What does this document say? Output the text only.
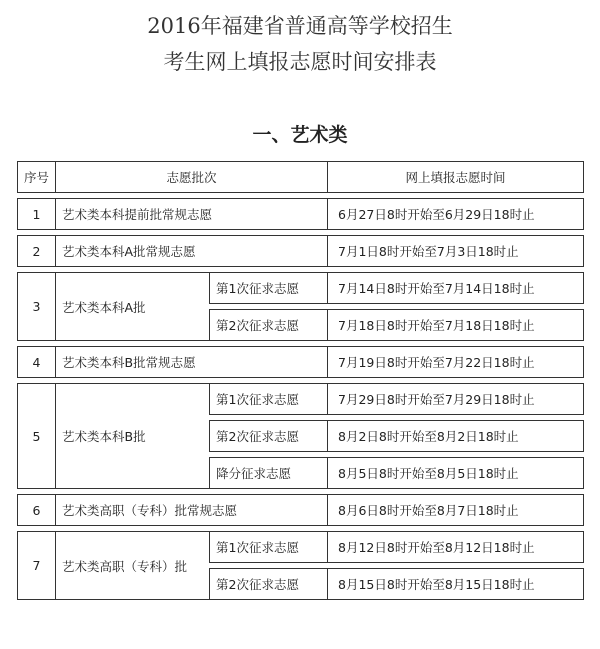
2016年福建省普通高等学校招生
考生网上填报志愿时间安排表
一、艺术类
序号	志愿批次		网上填报志愿时间
1	艺术类本科提前批常规志愿		6月27日8时开始至6月29日18时止
2	艺术类本科A批常规志愿		7月1日8时开始至7月3日18时止
3	艺术类本科A批	第1次征求志愿	7月14日8时开始至7月14日18时止
		第2次征求志愿	7月18日8时开始至7月18日18时止
4	艺术类本科B批常规志愿		7月19日8时开始至7月22日18时止
5	艺术类本科B批	第1次征求志愿	7月29日8时开始至7月29日18时止
		第2次征求志愿	8月2日8时开始至8月2日18时止
		降分征求志愿	8月5日8时开始至8月5日18时止
6	艺术类高职（专科）批常规志愿		8月6日8时开始至8月7日18时止
7	艺术类高职（专科）批	第1次征求志愿	8月12日8时开始至8月12日18时止
		第2次征求志愿	8月15日8时开始至8月15日18时止
